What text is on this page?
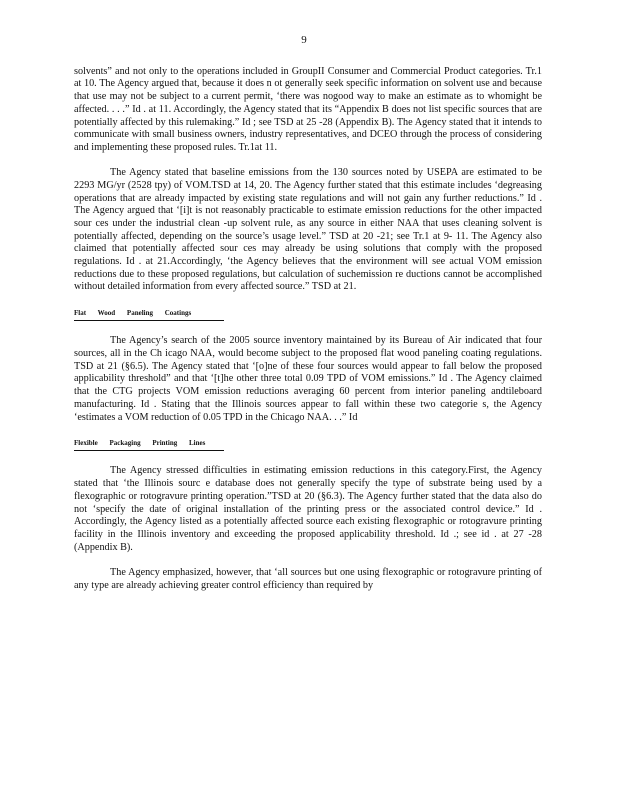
9

solvents” and not only to the operations included in GroupII Consumer and Commercial Product categories. Tr.1 at 10. The Agency argued that, because it does n ot generally seek specific information on solvent use and because that use may not be subject to a current permit, ‘there was nogood way to make an estimate as to whomight be affected. . . .” Id . at 11. Accordingly, the Agency stated that its “Appendix B does not list specific sources that are potentially affected by this rulemaking.” Id ; see TSD at 25 -28 (Appendix B). The Agency stated that it intends to communicate with small business owners, industry representatives, and DCEO through the process of considering and implementing these proposed rules. Tr.1at 11.

The Agency stated that baseline emissions from the 130 sources noted by USEPA are estimated to be 2293 MG/yr (2528 tpy) of VOM.TSD at 14, 20. The Agency further stated that this estimate includes ‘degreasing operations that are already impacted by existing state regulations and will not gain any further reductions.” Id . The Agency argued that ‘[i]t is not reasonably practicable to estimate emission reductions for the other impacted sour ces under the industrial clean -up solvent rule, as any source in either NAA that uses cleaning solvent is potentially affected, depending on the source’s usage level.” TSD at 20 -21; see Tr.1 at 9- 11. The Agency also claimed that potentially affected sour ces may already be using solutions that comply with the proposed regulations. Id . at 21.Accordingly, ‘the Agency believes that the environment will see actual VOM emission reductions due to these proposed regulations, but calculation of suchemission re ductions cannot be accomplished without detailed information from every affected source.” TSD at 21.

Flat Wood Paneling Coatings

The Agency’s search of the 2005 source inventory maintained by its Bureau of Air indicated that four sources, all in the Ch icago NAA, would become subject to the proposed flat wood paneling coating regulations. TSD at 21 (§6.5). The Agency stated that ‘[o]ne of these four sources would appear to fall below the proposed applicability threshold” and that ‘[t]he other three total 0.09 TPD of VOM emissions.” Id . The Agency claimed that the CTG projects VOM emission reductions averaging 60 percent from interior paneling andtileboard manufacturing. Id . Stating that the Illinois sources appear to fall within these two categorie s, the Agency ‘estimates a VOM reduction of 0.05 TPD in the Chicago NAA. . .” Id

Flexible Packaging Printing Lines

The Agency stressed difficulties in estimating emission reductions in this category.First, the Agency stated that ‘the Illinois sourc e database does not generally specify the type of substrate being used by a flexographic or rotogravure printing operation.”TSD at 20 (§6.3). The Agency further stated that the data also do not ‘specify the date of original installation of the printing press or the associated control device.” Id . Accordingly, the Agency listed as a potentially affected source each existing flexographic or rotogravure printing facility in the Illinois inventory and exceeding the proposed applicability threshold. Id .; see id . at 27 -28 (Appendix B).

The Agency emphasized, however, that ‘all sources but one using flexographic or rotogravure printing of any type are already achieving greater control efficiency than required by
